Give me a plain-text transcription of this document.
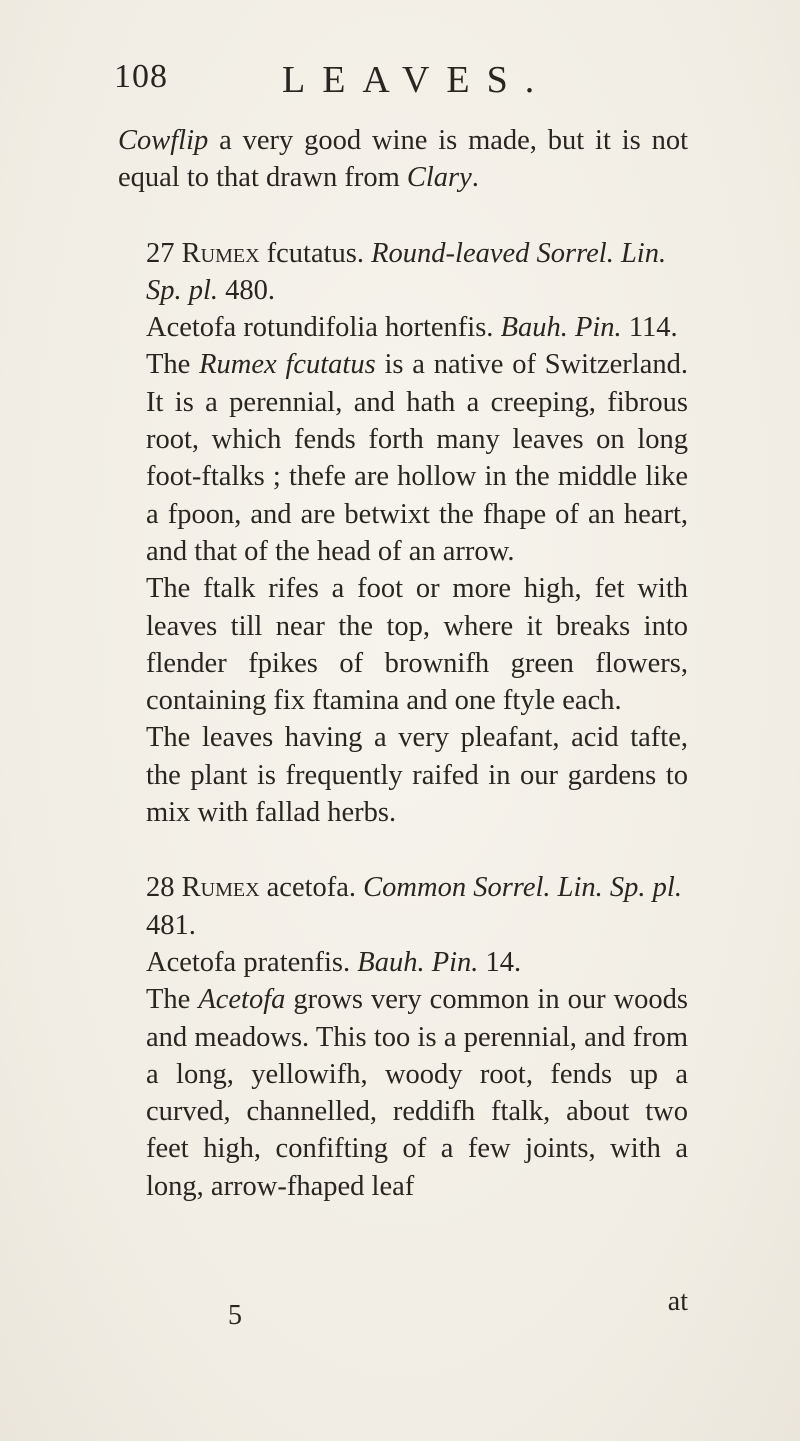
108	LEAVES.

Cowflip a very good wine is made, but it is not equal to that drawn from Clary.

27 Rumex fcutatus. Round-leaved Sorrel. Lin. Sp. pl. 480.

Acetofa rotundifolia hortenfis. Bauh. Pin. 114.

The Rumex fcutatus is a native of Switzerland. It is a perennial, and hath a creeping, fibrous root, which fends forth many leaves on long foot-ftalks ; thefe are hollow in the middle like a fpoon, and are betwixt the fhape of an heart, and that of the head of an arrow.

The ftalk rifes a foot or more high, fet with leaves till near the top, where it breaks into flender fpikes of brownifh green flowers, containing fix ftamina and one ftyle each.

The leaves having a very pleafant, acid tafte, the plant is frequently raifed in our gardens to mix with fallad herbs.

28 Rumex acetofa. Common Sorrel. Lin. Sp. pl. 481.

Acetofa pratenfis. Bauh. Pin. 14.

The Acetofa grows very common in our woods and meadows. This too is a perennial, and from a long, yellowifh, woody root, fends up a curved, channelled, reddifh ftalk, about two feet high, confifting of a few joints, with a long, arrow-fhaped leaf

5	at
